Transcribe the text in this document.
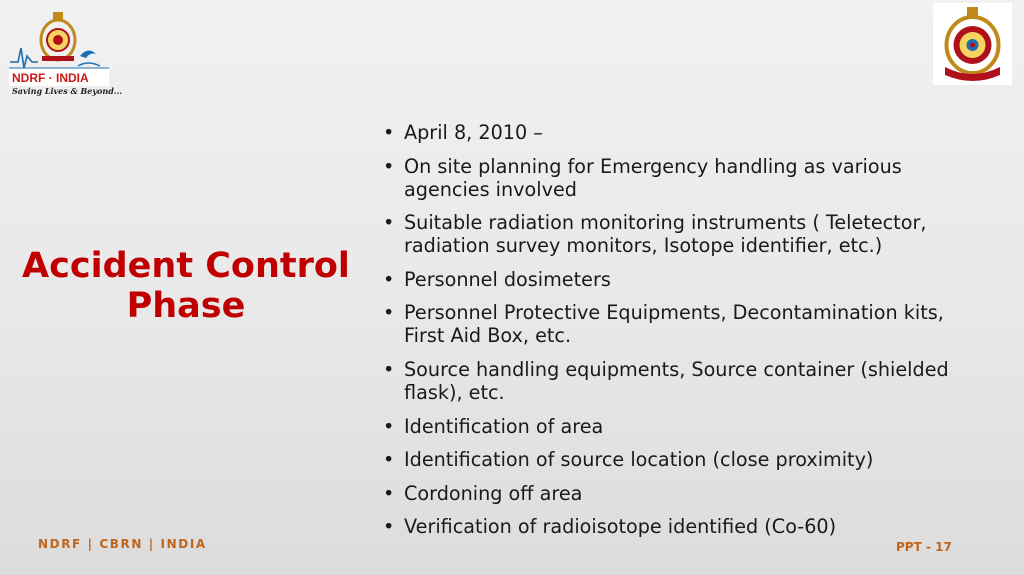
NDRF · INDIA
Saving Lives & Beyond...
Accident Control
Phase
• April 8, 2010 –
• On site planning for Emergency handling as various agencies involved
• Suitable radiation monitoring instruments ( Teletector, radiation survey monitors, Isotope identifier, etc.)
• Personnel dosimeters
• Personnel Protective Equipments, Decontamination kits, First Aid Box, etc.
• Source handling equipments, Source container (shielded flask), etc.
• Identification of area
• Identification of source location (close proximity)
• Cordoning off area
• Verification of radioisotope identified (Co-60)
NDRF | CBRN | INDIA	PPT - 17
